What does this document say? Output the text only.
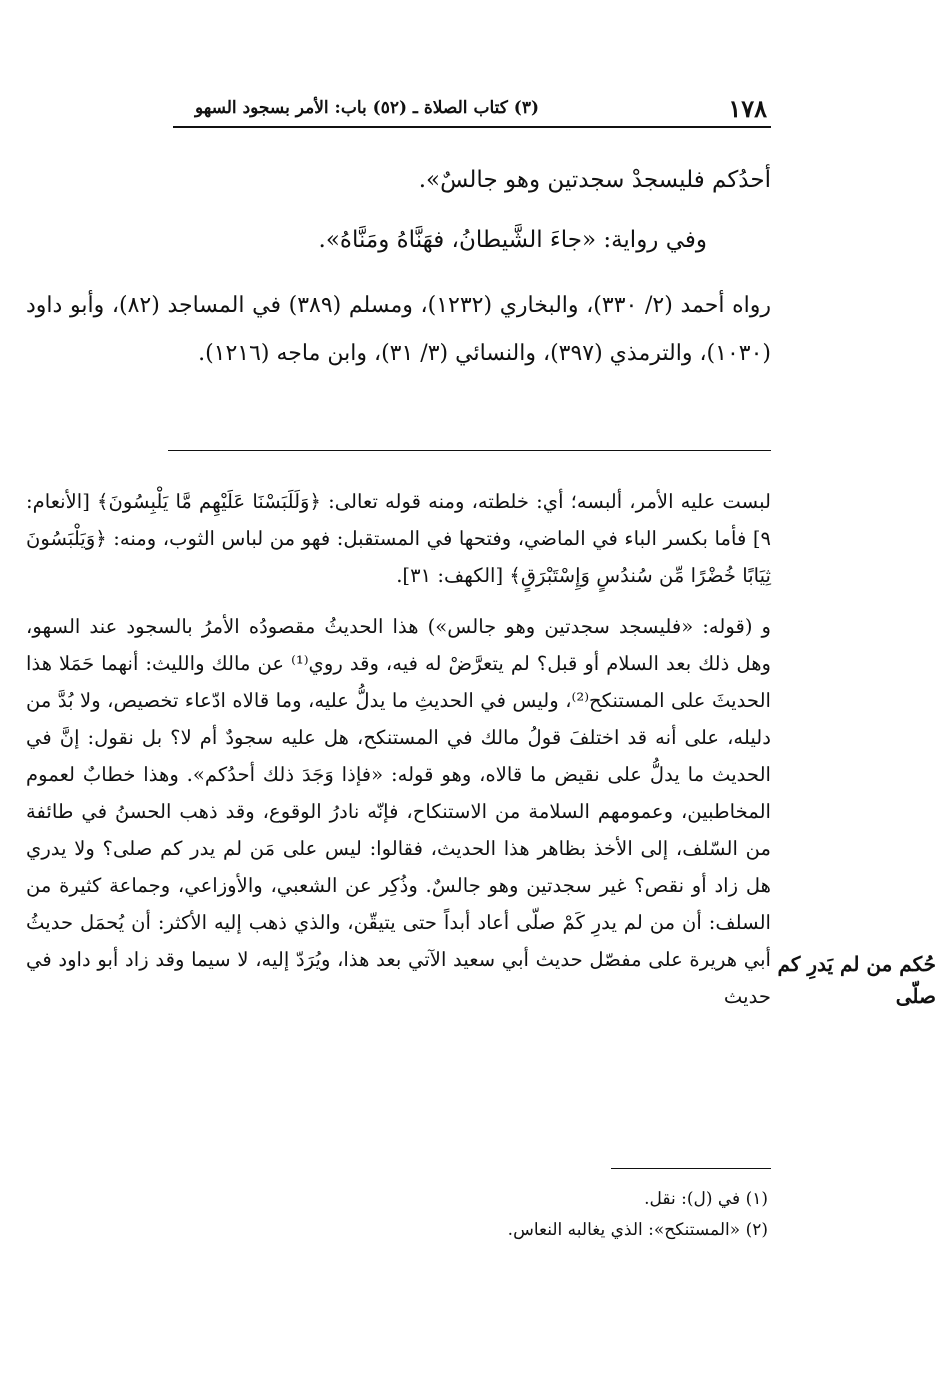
١٧٨
(٣) كتاب الصلاة ـ (٥٢) باب: الأمر بسجود السهو

أحدُكم فليسجدْ سجدتين وهو جالسٌ».

وفي رواية: «جاءَ الشَّيطانُ، فهَنَّاهُ ومَنَّاهُ».

رواه أحمد (٢/ ٣٣٠)، والبخاري (١٢٣٢)، ومسلم (٣٨٩) في المساجد (٨٢)، وأبو داود (١٠٣٠)، والترمذي (٣٩٧)، والنسائي (٣/ ٣١)، وابن ماجه (١٢١٦).

لبست عليه الأمر، ألبسه؛ أي: خلطته، ومنه قوله تعالى: ﴿وَلَلَبَسْنَا عَلَيْهِم مَّا يَلْبِسُونَ﴾ [الأنعام: ٩] فأما بكسر الباء في الماضي، وفتحها في المستقبل: فهو من لباس الثوب، ومنه: ﴿وَيَلْبَسُونَ ثِيَابًا خُضْرًا مِّن سُندُسٍ وَإِسْتَبْرَقٍ﴾ [الكهف: ٣١].

و (قوله: «فليسجد سجدتين وهو جالس») هذا الحديثُ مقصودُه الأمرُ بالسجود عند السهو، وهل ذلك بعد السلام أو قبل؟ لم يتعرَّضْ له فيه، وقد روي⁽¹⁾ عن مالك والليث: أنهما حَمَلا هذا الحديثَ على المستنكح⁽²⁾، وليس في الحديثِ ما يدلُّ عليه، وما قالاه ادّعاء تخصيص، ولا بُدَّ من دليله، على أنه قد اختلفَ قولُ مالك في المستنكح، هل عليه سجودٌ أم لا؟ بل نقول: إنَّ في الحديث ما يدلُّ على نقيض ما قالاه، وهو قوله: «فإذا وَجَدَ ذلك أحدُكم». وهذا خطابٌ لعموم المخاطبين، وعمومهم السلامة من الاستنكاح، فإنّه نادرُ الوقوع، وقد ذهب الحسنُ في طائفة من السّلف، إلى الأخذ بظاهر هذا الحديث، فقالوا: ليس على مَن لم يدر كم صلى؟ ولا يدري هل زاد أو نقص؟ غير سجدتين وهو جالسٌ. وذُكِر عن الشعبي، والأوزاعي، وجماعة كثيرة من السلف: أن من لم يدرِ كَمْ صلّى أعاد أبداً حتى يتيقّن، والذي ذهب إليه الأكثر: أن يُحمَل حديثُ أبي هريرة على مفصّل حديث أبي سعيد الآتي بعد هذا، ويُرَدّ إليه، لا سيما وقد زاد أبو داود في حديث

حُكم من لم يَدرِ كم صلّى

(١) في (ل): نقل.

(٢) «المستنكح»: الذي يغالبه النعاس.
